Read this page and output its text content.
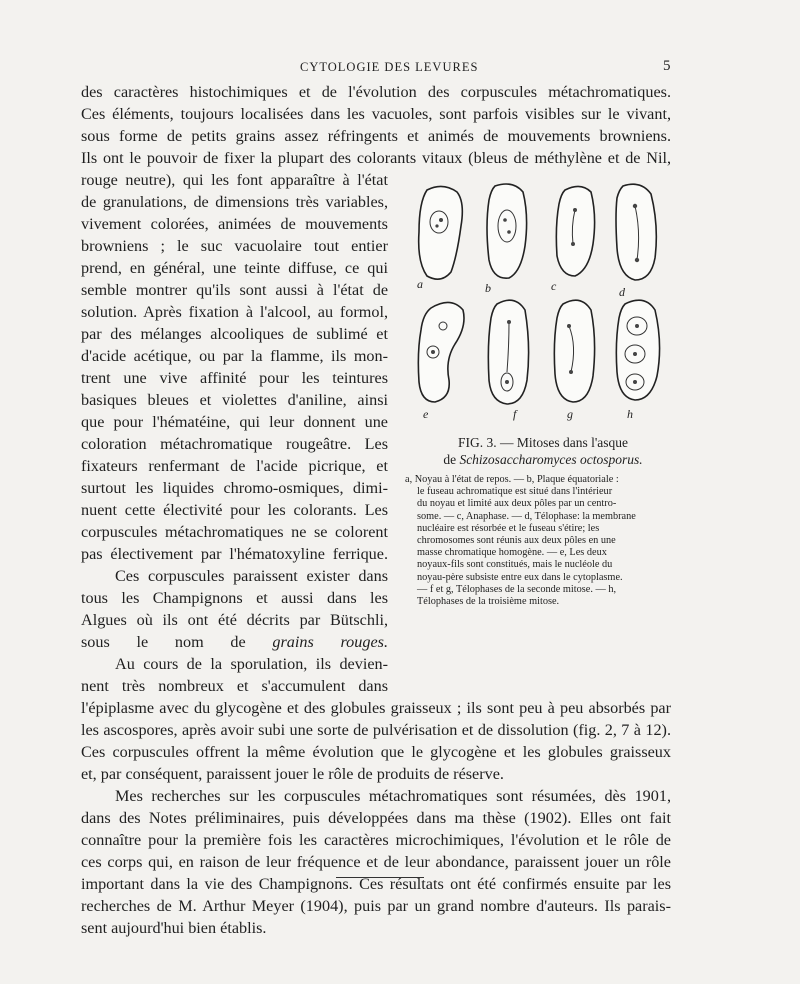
CYTOLOGIE DES LEVURES	5
des caractères histochimiques et de l'évolution des corpuscules métachromatiques.
Ces éléments, toujours localisées dans les vacuoles, sont parfois visibles sur le vivant,
sous forme de petits grains assez réfringents et animés de mouvements browniens.
Ils ont le pouvoir de fixer la plupart des colorants vitaux (bleus de méthylène et de Nil,
rouge neutre), qui les font apparaître à l'état
de granulations, de dimensions très variables,
vivement colorées, animées de mouvements
browniens ; le suc vacuolaire tout entier
prend, en général, une teinte diffuse, ce qui
semble montrer qu'ils sont aussi à l'état de
solution. Après fixation à l'alcool, au formol,
par des mélanges alcooliques de sublimé et
d'acide acétique, ou par la flamme, ils mon-
trent une vive affinité pour les teintures
basiques bleues et violettes d'aniline, ainsi
que pour l'hématéine, qui leur donnent une
coloration métachromatique rougeâtre. Les
fixateurs renfermant de l'acide picrique, et
surtout les liquides chromo-osmiques, dimi-
nuent cette électivité pour les colorants. Les
corpuscules métachromatiques ne se colorent
pas électivement par l'hématoxyline ferrique.
Ces corpuscules paraissent exister dans
tous les Champignons et aussi dans les
Algues où ils ont été décrits par Bütschli,
sous le nom de grains rouges.
Au cours de la sporulation, ils devien-
nent très nombreux et s'accumulent dans
l'épiplasme avec du glycogène et des globules graisseux ; ils sont peu à peu absorbés par
les ascospores, après avoir subi une sorte de pulvérisation et de dissolution (fig. 2, 7 à 12).
Ces corpuscules offrent la même évolution que le glycogène et les globules graisseux
et, par conséquent, paraissent jouer le rôle de produits de réserve.
Mes recherches sur les corpuscules métachromatiques sont résumées, dès 1901,
dans des Notes préliminaires, puis développées dans ma thèse (1902). Elles ont fait
connaître pour la première fois les caractères microchimiques, l'évolution et le rôle de
ces corps qui, en raison de leur fréquence et de leur abondance, paraissent jouer un rôle
important dans la vie des Champignons. Ces résultats ont été confirmés ensuite par les
recherches de M. Arthur Meyer (1904), puis par un grand nombre d'auteurs. Ils parais-
sent aujourd'hui bien établis.
a	b	c	d
e	f	g	h
FIG. 3. — Mitoses dans l'asque
de Schizosaccharomyces octosporus.
a, Noyau à l'état de repos. — b, Plaque équatoriale :
le fuseau achromatique est situé dans l'intérieur
du noyau et limité aux deux pôles par un centro-
some. — c, Anaphase. — d, Télophase: la membrane
nucléaire est résorbée et le fuseau s'étire; les
chromosomes sont réunis aux deux pôles en une
masse chromatique homogène. — e, Les deux
noyaux-fils sont constitués, mais le nucléole du
noyau-père subsiste entre eux dans le cytoplasme.
— f et g, Télophases de la seconde mitose. — h,
Télophases de la troisième mitose.
